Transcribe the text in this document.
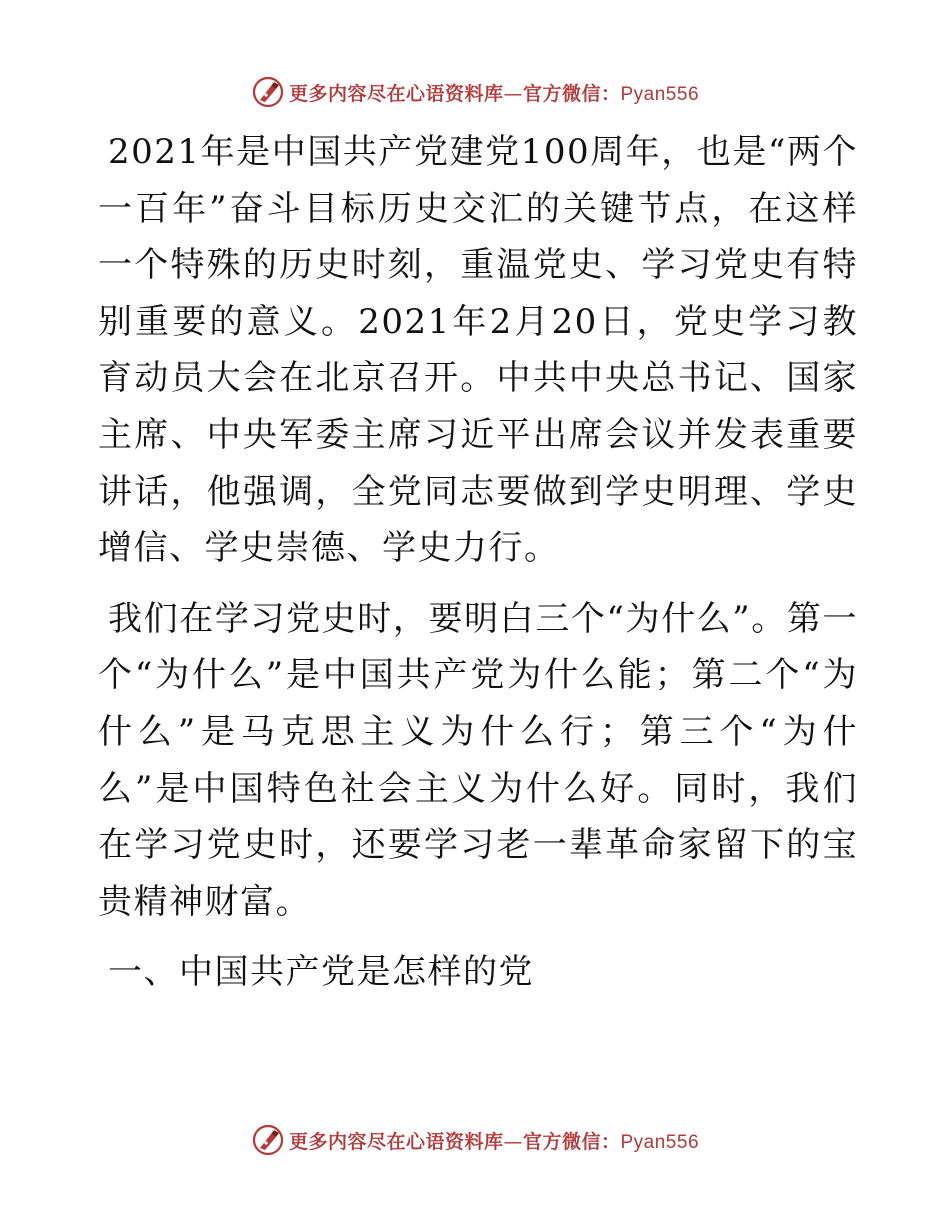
更多内容尽在心语资料库—官方微信：Pyan556

2021年是中国共产党建党100周年，也是“两个一百年”奋斗目标历史交汇的关键节点，在这样一个特殊的历史时刻，重温党史、学习党史有特别重要的意义。2021年2月20日，党史学习教育动员大会在北京召开。中共中央总书记、国家主席、中央军委主席习近平出席会议并发表重要讲话，他强调，全党同志要做到学史明理、学史增信、学史崇德、学史力行。

我们在学习党史时，要明白三个“为什么”。第一个“为什么”是中国共产党为什么能；第二个“为什么”是马克思主义为什么行；第三个“为什么”是中国特色社会主义为什么好。同时，我们在学习党史时，还要学习老一辈革命家留下的宝贵精神财富。

一、中国共产党是怎样的党
更多内容尽在心语资料库—官方微信：Pyan556
